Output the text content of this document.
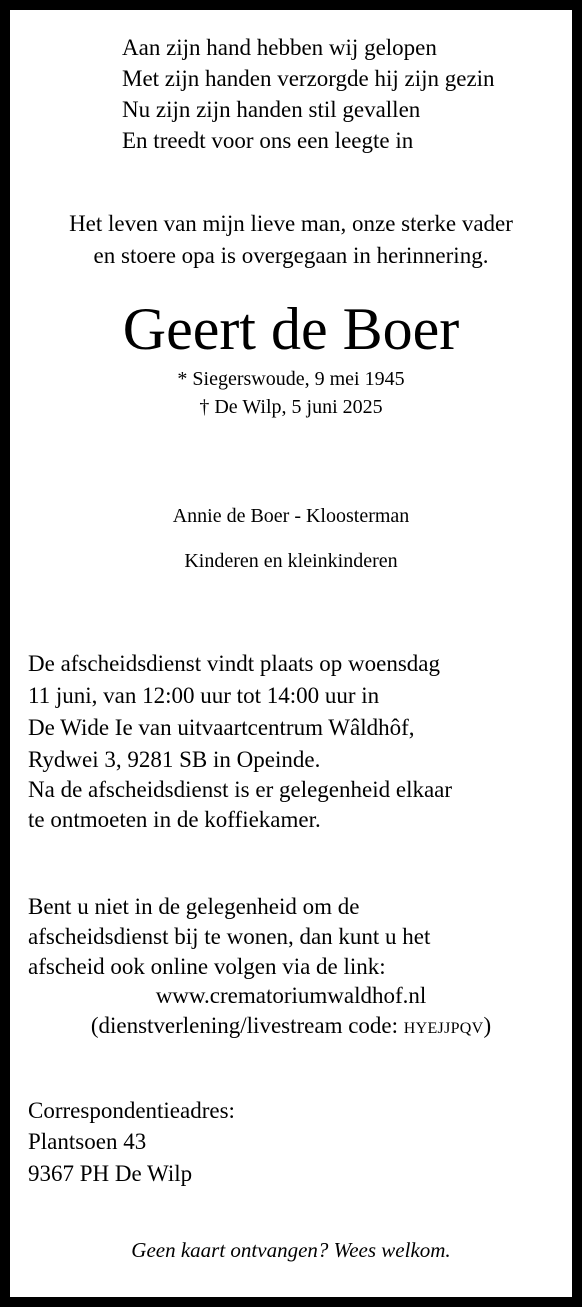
Aan zijn hand hebben wij gelopen
Met zijn handen verzorgde hij zijn gezin
Nu zijn zijn handen stil gevallen
En treedt voor ons een leegte in
Het leven van mijn lieve man, onze sterke vader
en stoere opa is overgegaan in herinnering.
Geert de Boer
* Siegerswoude, 9 mei 1945
† De Wilp, 5 juni 2025
Annie de Boer - Kloosterman
Kinderen en kleinkinderen
De afscheidsdienst vindt plaats op woensdag
11 juni, van 12:00 uur tot 14:00 uur in
De Wide Ie van uitvaartcentrum Wâldhôf,
Rydwei 3, 9281 SB in Opeinde.
Na de afscheidsdienst is er gelegenheid elkaar
te ontmoeten in de koffiekamer.
Bent u niet in de gelegenheid om de
afscheidsdienst bij te wonen, dan kunt u het
afscheid ook online volgen via de link:
www.crematoriumwaldhof.nl
(dienstverlening/livestream code: HYEJJPQV)
Correspondentieadres:
Plantsoen 43
9367 PH De Wilp
Geen kaart ontvangen? Wees welkom.
